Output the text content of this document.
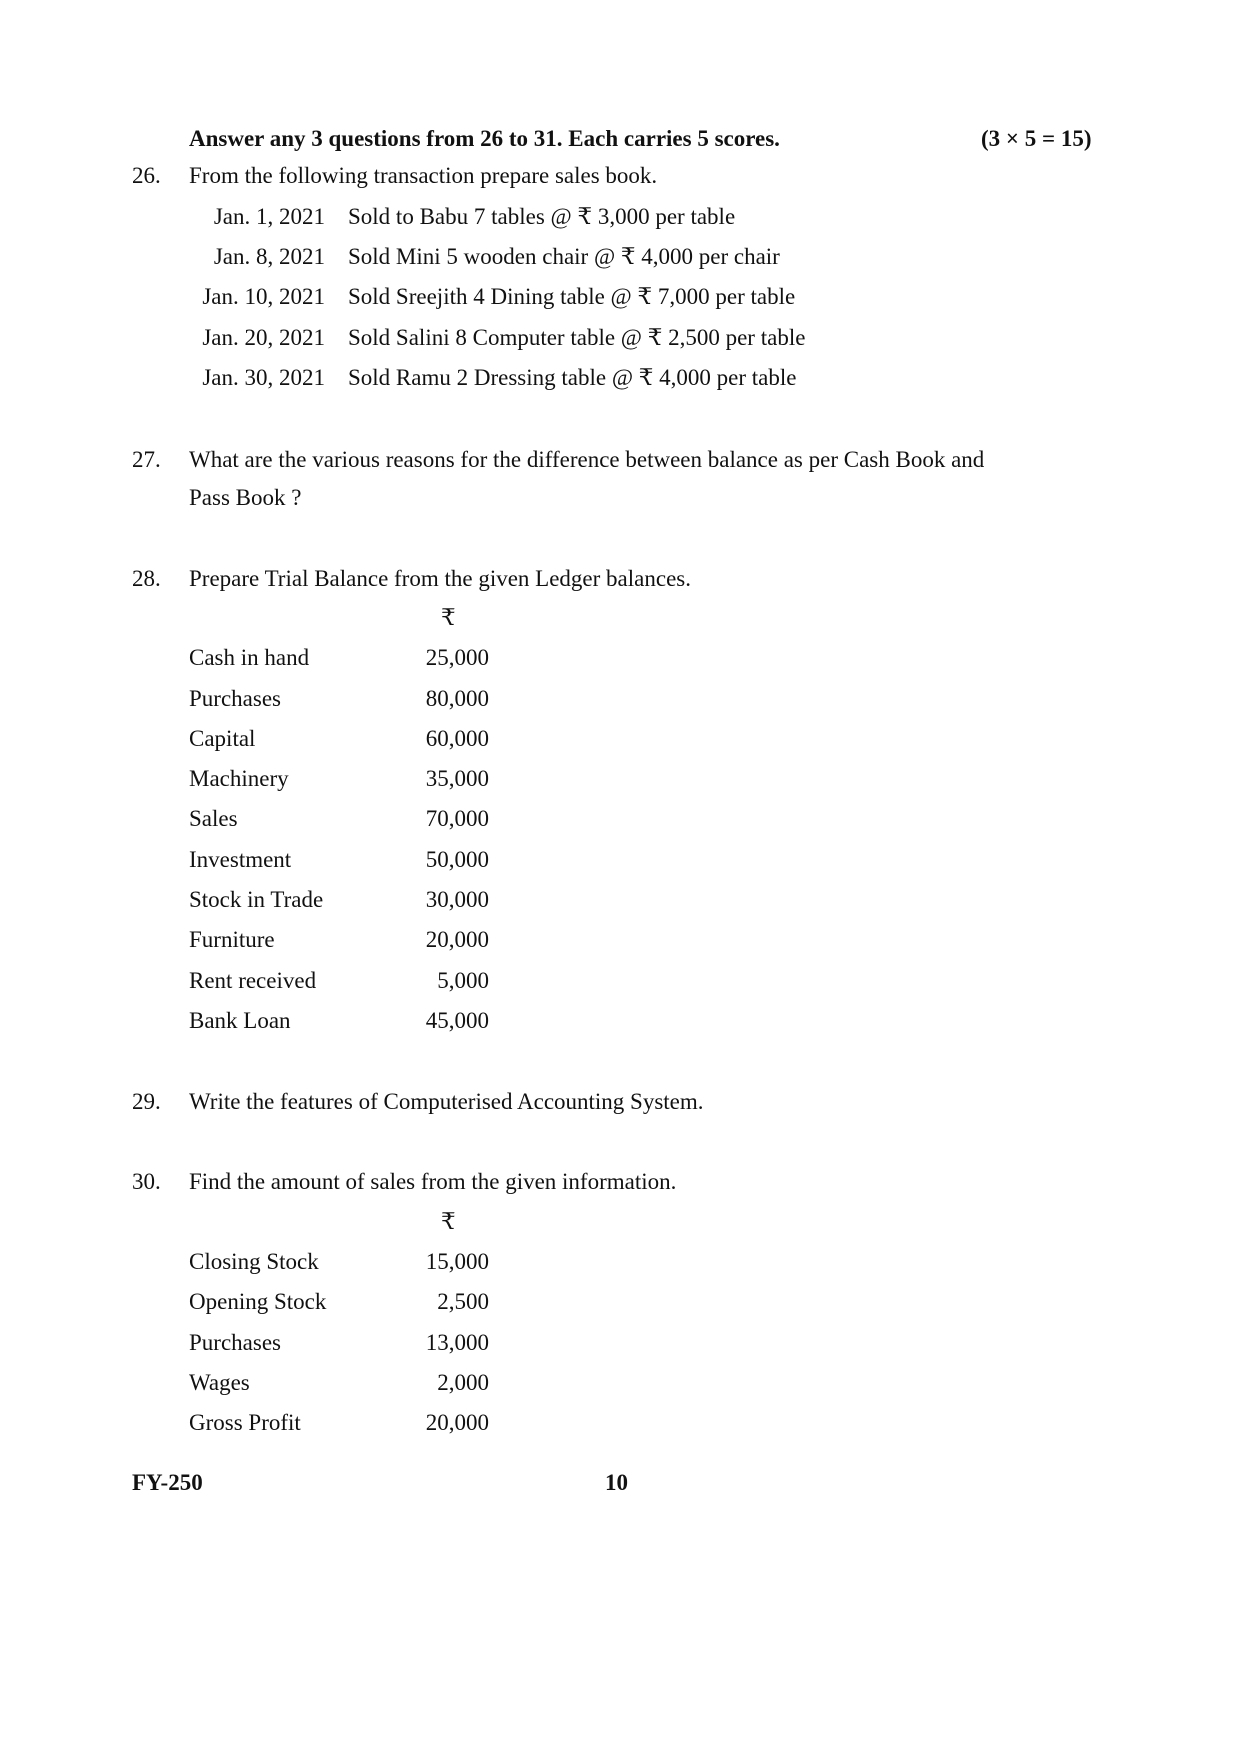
Answer any 3 questions from 26 to 31. Each carries 5 scores.	(3 × 5 = 15)
26. From the following transaction prepare sales book.
Jan. 1, 2021 Sold to Babu 7 tables @ ₹ 3,000 per table
Jan. 8, 2021 Sold Mini 5 wooden chair @ ₹ 4,000 per chair
Jan. 10, 2021 Sold Sreejith 4 Dining table @ ₹ 7,000 per table
Jan. 20, 2021 Sold Salini 8 Computer table @ ₹ 2,500 per table
Jan. 30, 2021 Sold Ramu 2 Dressing table @ ₹ 4,000 per table
27. What are the various reasons for the difference between balance as per Cash Book and
Pass Book ?
28. Prepare Trial Balance from the given Ledger balances.
₹
Cash in hand	25,000
Purchases	80,000
Capital	60,000
Machinery	35,000
Sales	70,000
Investment	50,000
Stock in Trade	30,000
Furniture	20,000
Rent received	5,000
Bank Loan	45,000
29. Write the features of Computerised Accounting System.
30. Find the amount of sales from the given information.
₹
Closing Stock	15,000
Opening Stock	2,500
Purchases	13,000
Wages	2,000
Gross Profit	20,000
FY-250	10
